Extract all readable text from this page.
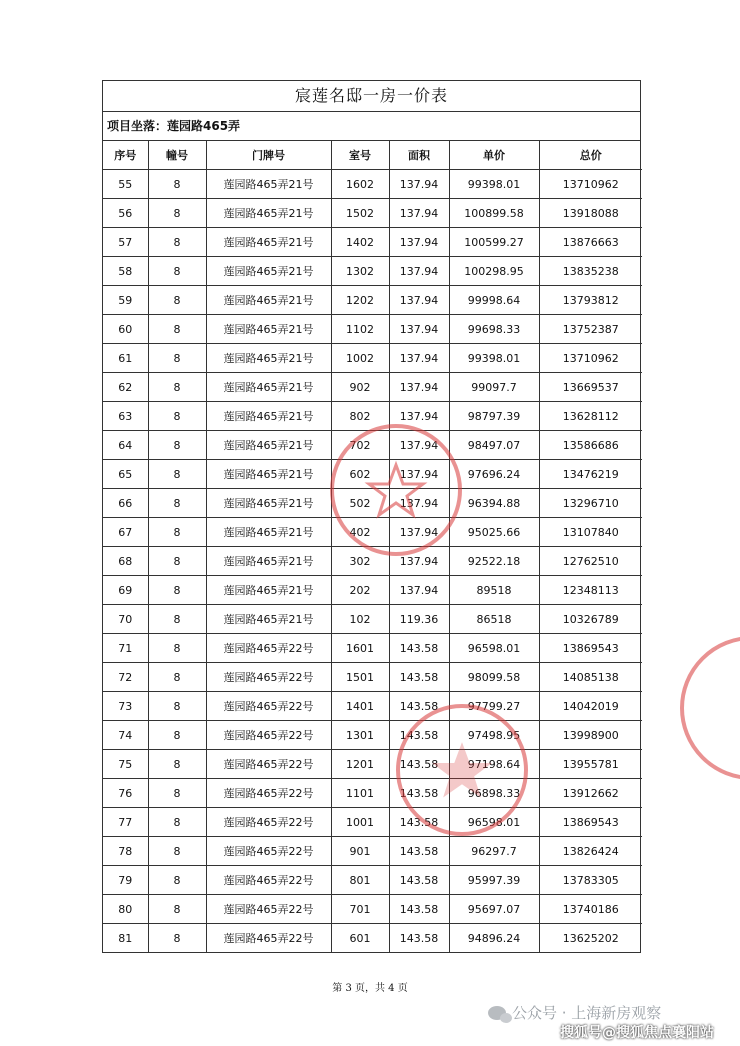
宸莲名邸一房一价表
项目坐落：莲园路465弄
序号	幢号	门牌号	室号	面积	单价	总价
55	8	莲园路465弄21号	1602	137.94	99398.01	13710962
56	8	莲园路465弄21号	1502	137.94	100899.58	13918088
57	8	莲园路465弄21号	1402	137.94	100599.27	13876663
58	8	莲园路465弄21号	1302	137.94	100298.95	13835238
59	8	莲园路465弄21号	1202	137.94	99998.64	13793812
60	8	莲园路465弄21号	1102	137.94	99698.33	13752387
61	8	莲园路465弄21号	1002	137.94	99398.01	13710962
62	8	莲园路465弄21号	902	137.94	99097.7	13669537
63	8	莲园路465弄21号	802	137.94	98797.39	13628112
64	8	莲园路465弄21号	702	137.94	98497.07	13586686
65	8	莲园路465弄21号	602	137.94	97696.24	13476219
66	8	莲园路465弄21号	502	137.94	96394.88	13296710
67	8	莲园路465弄21号	402	137.94	95025.66	13107840
68	8	莲园路465弄21号	302	137.94	92522.18	12762510
69	8	莲园路465弄21号	202	137.94	89518	12348113
70	8	莲园路465弄21号	102	119.36	86518	10326789
71	8	莲园路465弄22号	1601	143.58	96598.01	13869543
72	8	莲园路465弄22号	1501	143.58	98099.58	14085138
73	8	莲园路465弄22号	1401	143.58	97799.27	14042019
74	8	莲园路465弄22号	1301	143.58	97498.95	13998900
75	8	莲园路465弄22号	1201	143.58	97198.64	13955781
76	8	莲园路465弄22号	1101	143.58	96898.33	13912662
77	8	莲园路465弄22号	1001	143.58	96598.01	13869543
78	8	莲园路465弄22号	901	143.58	96297.7	13826424
79	8	莲园路465弄22号	801	143.58	95997.39	13783305
80	8	莲园路465弄22号	701	143.58	95697.07	13740186
81	8	莲园路465弄22号	601	143.58	94896.24	13625202
第 3 页，共 4 页
公众号 · 上海新房观察
搜狐号@搜狐焦点襄阳站
